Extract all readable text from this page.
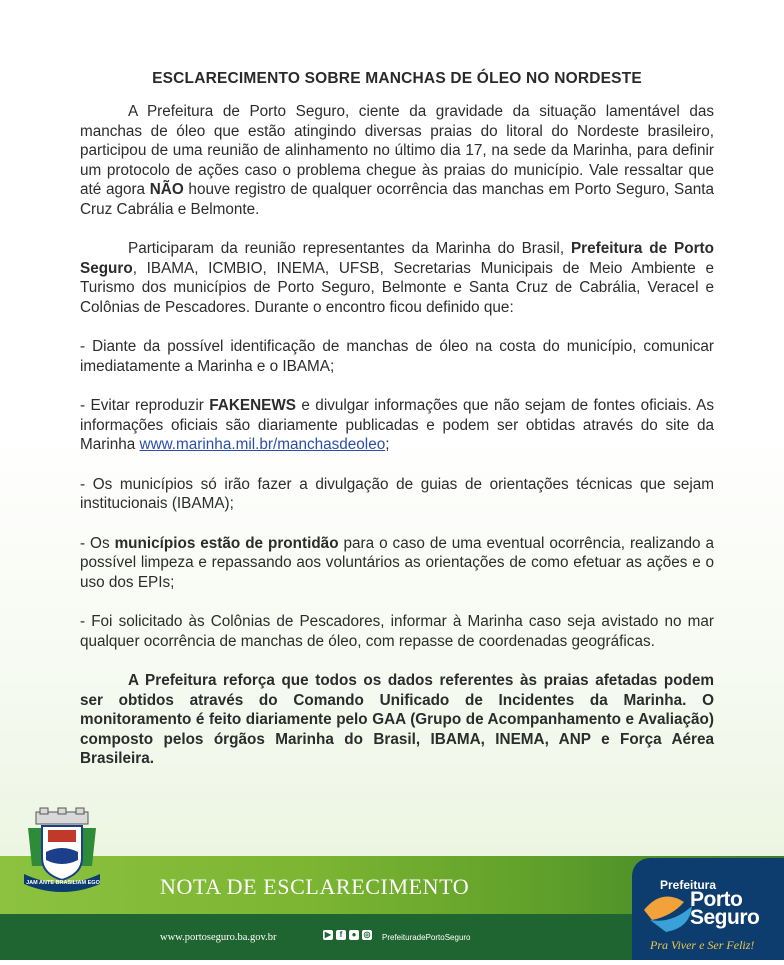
ESCLARECIMENTO SOBRE MANCHAS DE ÓLEO NO NORDESTE

A Prefeitura de Porto Seguro, ciente da gravidade da situação lamentável das manchas de óleo que estão atingindo diversas praias do litoral do Nordeste brasileiro, participou de uma reunião de alinhamento no último dia 17, na sede da Marinha, para definir um protocolo de ações caso o problema chegue às praias do município. Vale ressaltar que até agora NÃO houve registro de qualquer ocorrência das manchas em Porto Seguro, Santa Cruz Cabrália e Belmonte.

Participaram da reunião representantes da Marinha do Brasil, Prefeitura de Porto Seguro, IBAMA, ICMBIO, INEMA, UFSB, Secretarias Municipais de Meio Ambiente e Turismo dos municípios de Porto Seguro, Belmonte e Santa Cruz de Cabrália, Veracel e Colônias de Pescadores. Durante o encontro ficou definido que:

- Diante da possível identificação de manchas de óleo na costa do município, comunicar imediatamente a Marinha e o IBAMA;

- Evitar reproduzir FAKENEWS e divulgar informações que não sejam de fontes oficiais. As informações oficiais são diariamente publicadas e podem ser obtidas através do site da Marinha www.marinha.mil.br/manchasdeoleo;

- Os municípios só irão fazer a divulgação de guias de orientações técnicas que sejam institucionais (IBAMA);

- Os municípios estão de prontidão para o caso de uma eventual ocorrência, realizando a possível limpeza e repassando aos voluntários as orientações de como efetuar as ações e o uso dos EPIs;

- Foi solicitado às Colônias de Pescadores, informar à Marinha caso seja avistado no mar qualquer ocorrência de manchas de óleo, com repasse de coordenadas geográficas.

A Prefeitura reforça que todos os dados referentes às praias afetadas podem ser obtidos através do Comando Unificado de Incidentes da Marinha. O monitoramento é feito diariamente pelo GAA (Grupo de Acompanhamento e Avaliação) composto pelos órgãos Marinha do Brasil, IBAMA, INEMA, ANP e Força Aérea Brasileira.

NOTA DE ESCLARECIMENTO
JAM ANTE BRASILIAM EGO
www.portoseguro.ba.gov.br	▶	f	● ◎ PrefeituradePortoSeguro
Prefeitura
Porto
Seguro
Pra Viver e Ser Feliz!
